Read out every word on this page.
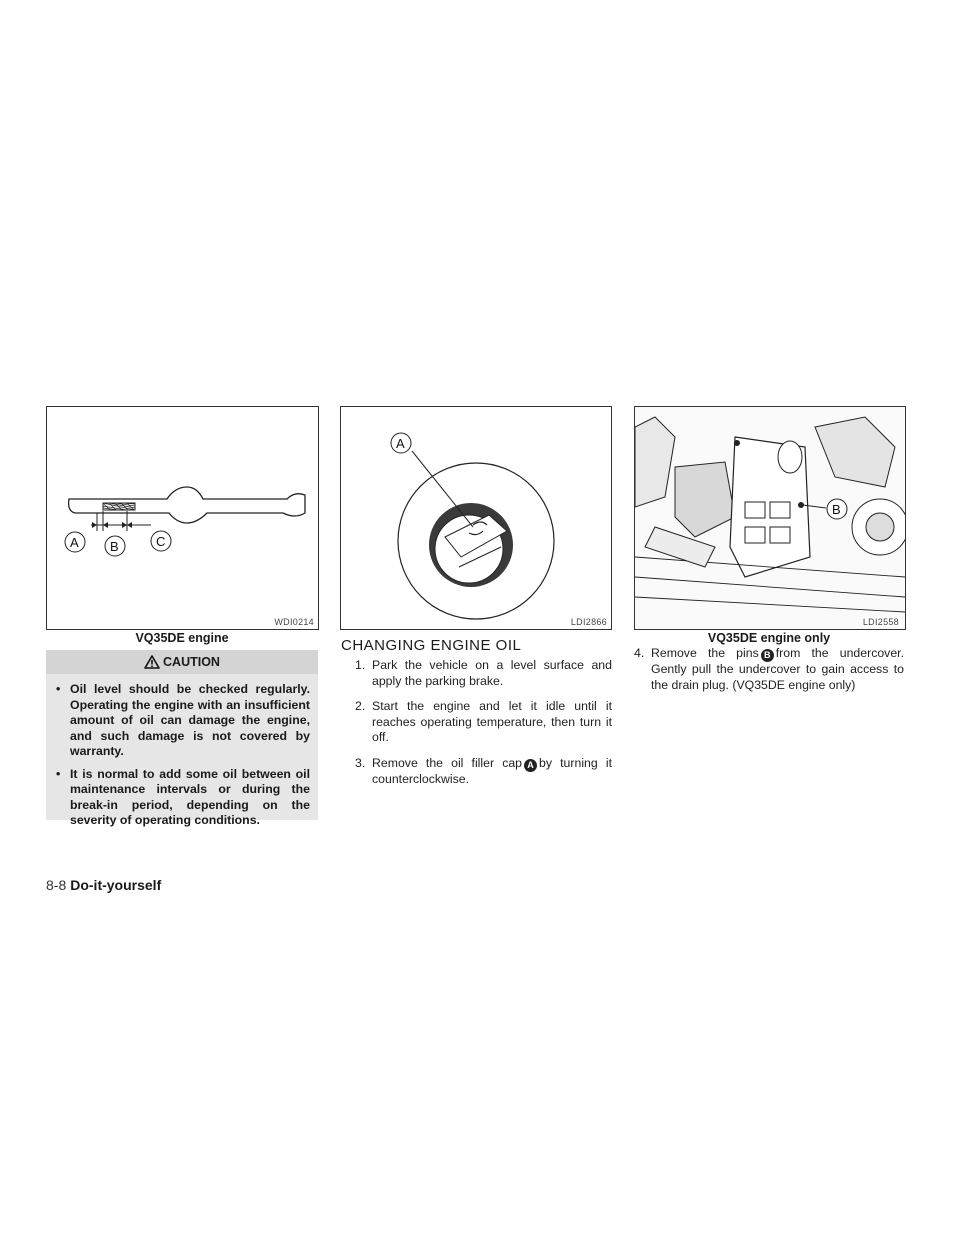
A B	C
WDI0214
VQ35DE engine
CAUTION
• Oil level should be checked regularly. Operating the engine with an insufficient amount of oil can damage the engine, and such damage is not covered by warranty.
• It is normal to add some oil between oil maintenance intervals or during the break-in period, depending on the severity of operating conditions.
A
LDI2866
B
LDI2558
VQ35DE engine only
CHANGING ENGINE OIL
1. Park the vehicle on a level surface and apply the parking brake.
2. Start the engine and let it idle until it reaches operating temperature, then turn it off.
3. Remove the oil filler cap A by turning it counterclockwise.
4. Remove the pins B from the undercover. Gently pull the undercover to gain access to the drain plug. (VQ35DE engine only)
8-8 Do-it-yourself
